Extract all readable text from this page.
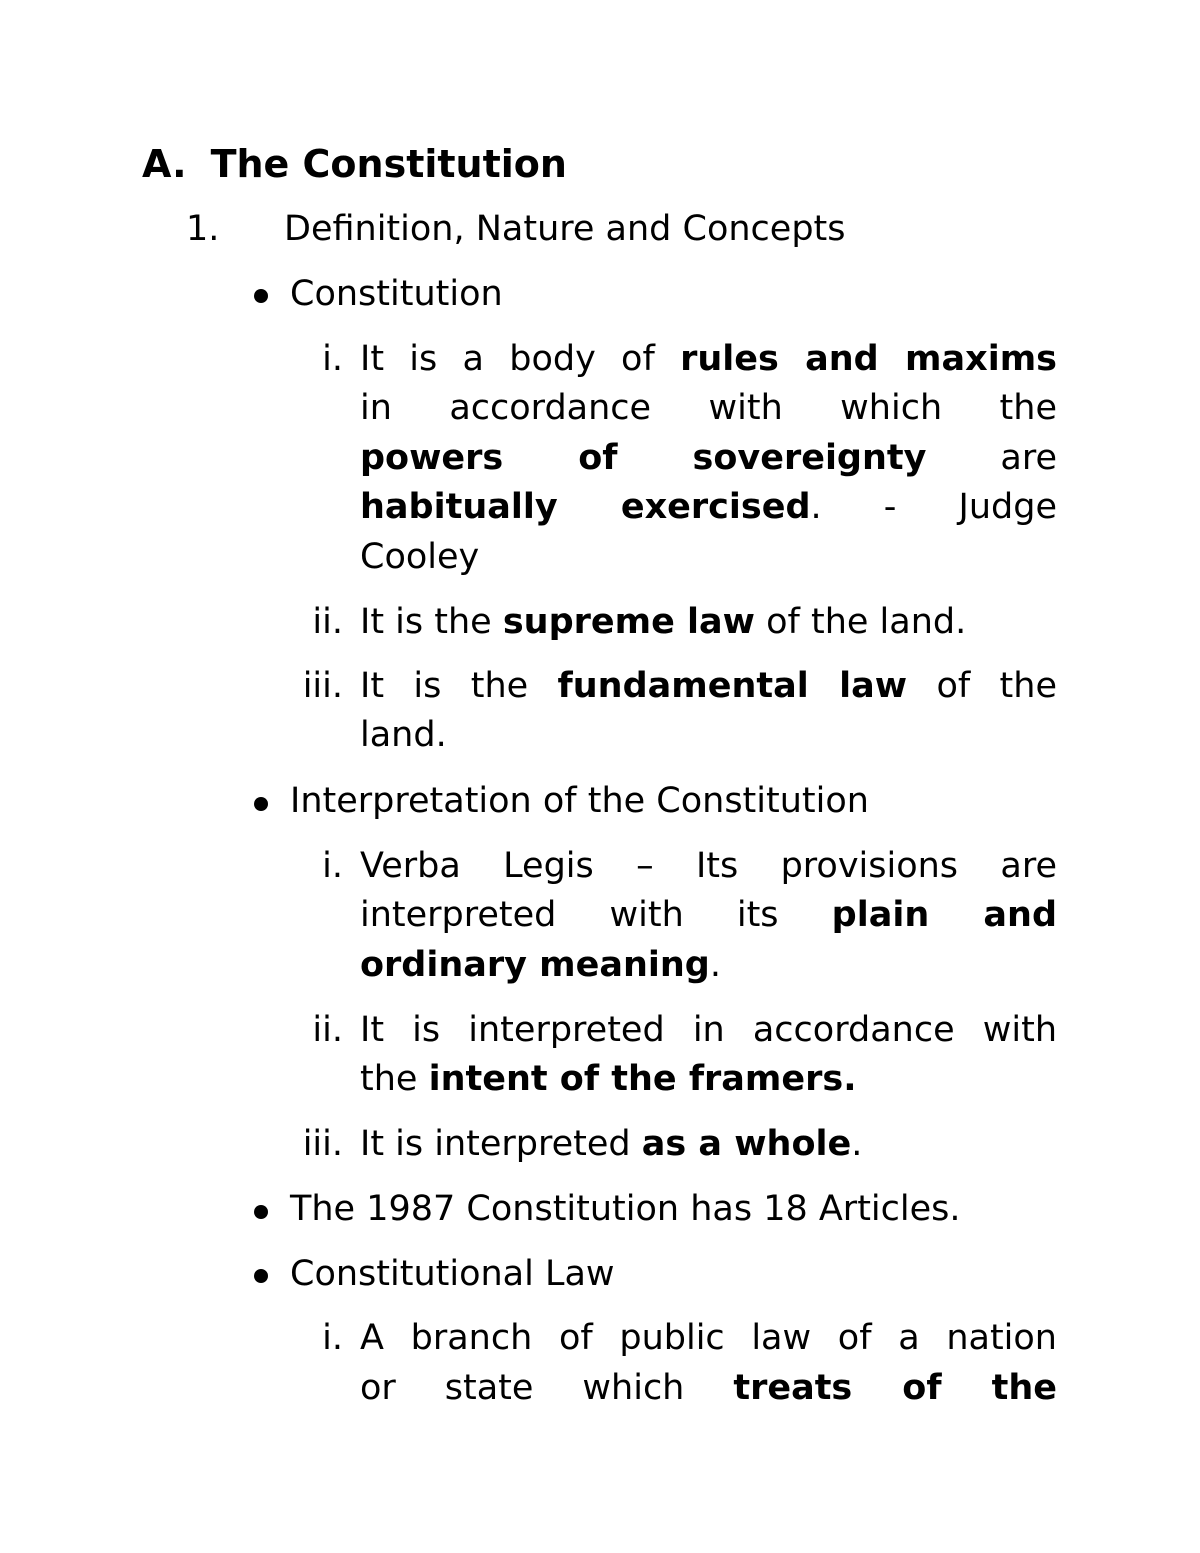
A. The Constitution
1. Definition, Nature and Concepts
Constitution
i. It is a body of rules and maxims
in accordance with which the
powers of sovereignty are
habitually exercised. - Judge
Cooley
ii. It is the supreme law of the land.
iii. It is the fundamental law of the
land.
Interpretation of the Constitution
i. Verba Legis – Its provisions are
interpreted with its plain and
ordinary meaning.
ii. It is interpreted in accordance with
the intent of the framers.
iii. It is interpreted as a whole.
The 1987 Constitution has 18 Articles.
Constitutional Law
i. A branch of public law of a nation
or state which treats of the
